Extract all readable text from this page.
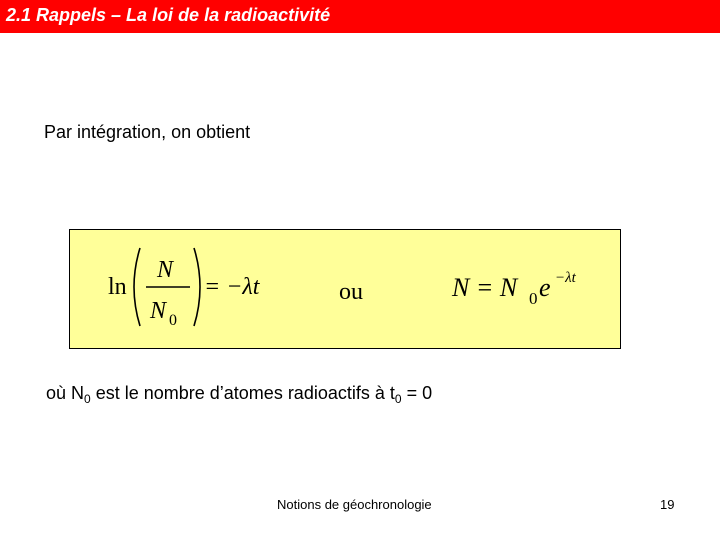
2.1 Rappels – La loi de la radioactivité
Par intégration, on obtient
ln
N
N 0
= −λt	N = N 0 e −λt
ou
où $N_0$ est le nombre d’atomes radioactifs à $t_0 = 0$
Notions de géochronologie	19
